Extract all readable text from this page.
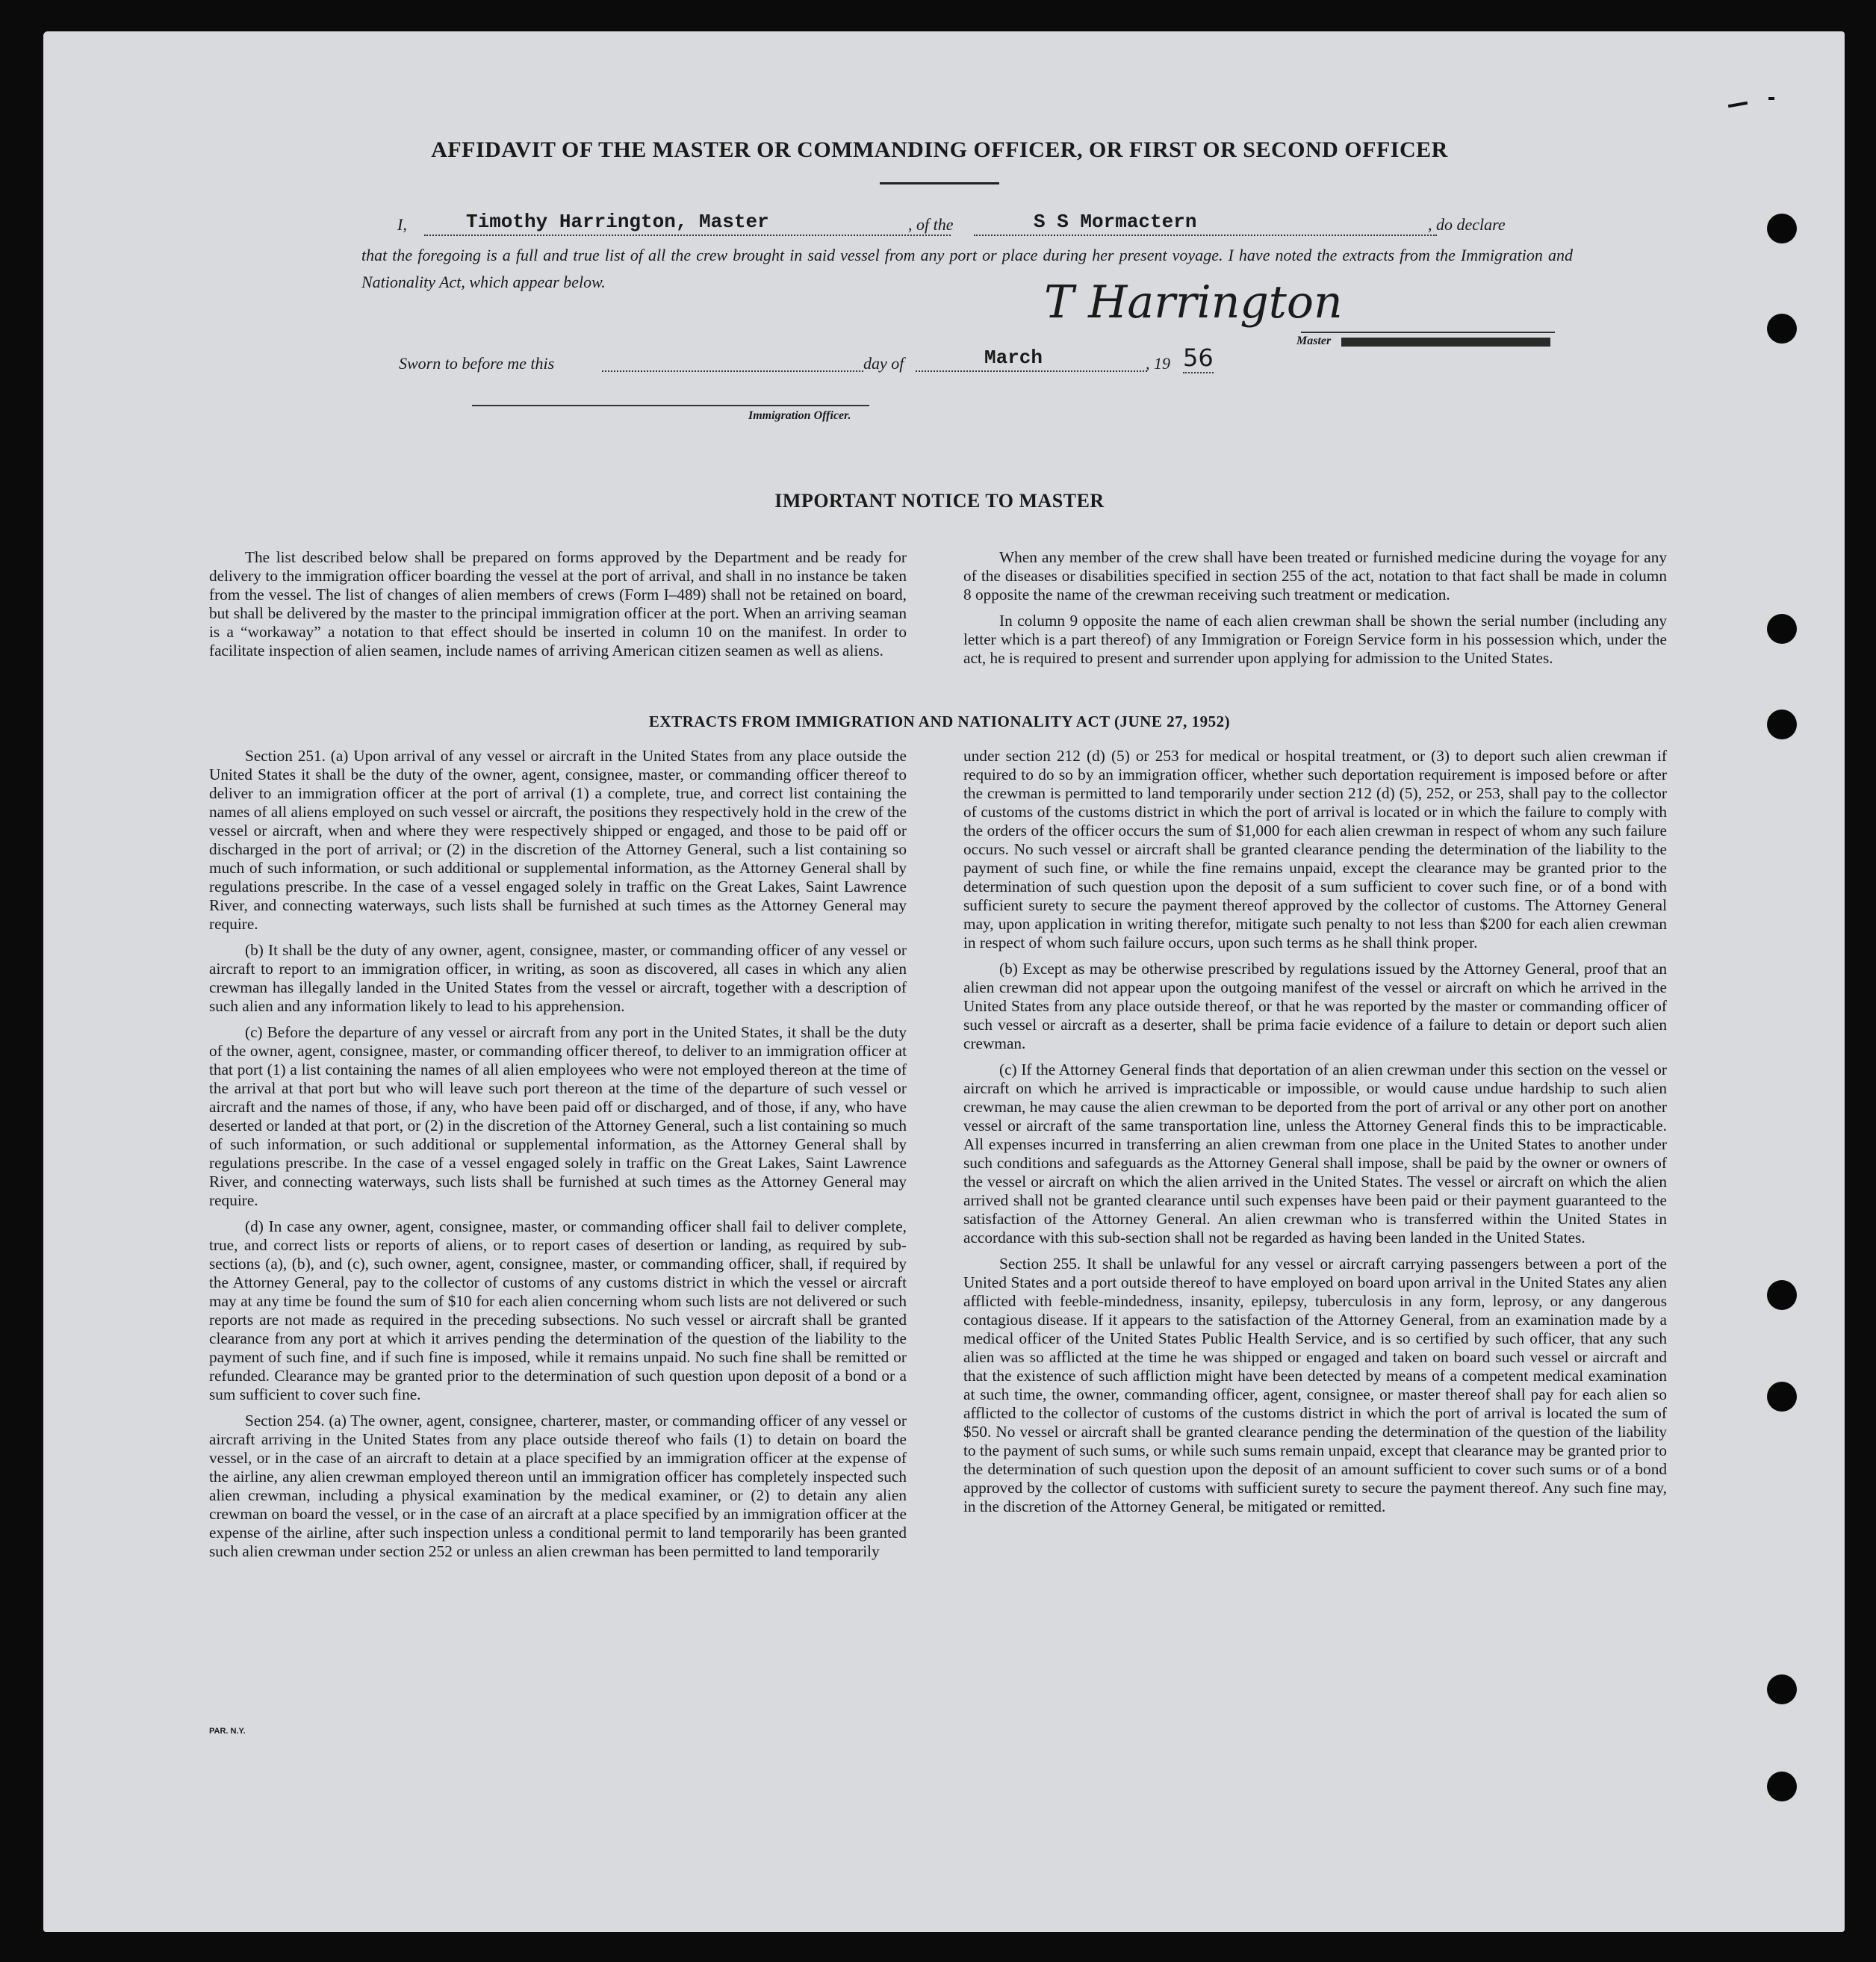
AFFIDAVIT OF THE MASTER OR COMMANDING OFFICER, OR FIRST OR SECOND OFFICER
I,	Timothy Harrington, Master	, of the	S S Mormactern	, do declare
that the foregoing is a full and true list of all the crew brought in said vessel from any port or place during her present voyage. I have noted the extracts from the Immigration and Nationality Act, which appear below.	T Harrington
Master
Sworn to before me this	day of	March	, 19 56
Immigration Officer.
IMPORTANT NOTICE TO MASTER

The list described below shall be prepared on forms approved by the Department and be ready for delivery to the immigration officer boarding the vessel at the port of arrival, and shall in no instance be taken from the vessel. The list of changes of alien members of crews (Form I–489) shall not be retained on board, but shall be delivered by the master to the principal immigration officer at the port. When an arriving seaman is a “workaway” a notation to that effect should be inserted in column 10 on the manifest. In order to facilitate inspection of alien seamen, include names of arriving American citizen seamen as well as aliens.

When any member of the crew shall have been treated or furnished medicine during the voyage for any of the diseases or disabilities specified in section 255 of the act, notation to that fact shall be made in column 8 opposite the name of the crewman receiving such treatment or medication.

In column 9 opposite the name of each alien crewman shall be shown the serial number (including any letter which is a part thereof) of any Immigration or Foreign Service form in his possession which, under the act, he is required to present and surrender upon applying for admission to the United States.

EXTRACTS FROM IMMIGRATION AND NATIONALITY ACT (JUNE 27, 1952)

Section 251. (a) Upon arrival of any vessel or aircraft in the United States from any place outside the United States it shall be the duty of the owner, agent, consignee, master, or commanding officer thereof to deliver to an immigration officer at the port of arrival (1) a complete, true, and correct list containing the names of all aliens employed on such vessel or aircraft, the positions they respectively hold in the crew of the vessel or aircraft, when and where they were respectively shipped or engaged, and those to be paid off or discharged in the port of arrival; or (2) in the discretion of the Attorney General, such a list containing so much of such information, or such additional or supplemental information, as the Attorney General shall by regulations prescribe. In the case of a vessel engaged solely in traffic on the Great Lakes, Saint Lawrence River, and connecting waterways, such lists shall be furnished at such times as the Attorney General may require.

(b) It shall be the duty of any owner, agent, consignee, master, or commanding officer of any vessel or aircraft to report to an immigration officer, in writing, as soon as discovered, all cases in which any alien crewman has illegally landed in the United States from the vessel or aircraft, together with a description of such alien and any information likely to lead to his apprehension.

(c) Before the departure of any vessel or aircraft from any port in the United States, it shall be the duty of the owner, agent, consignee, master, or commanding officer thereof, to deliver to an immigration officer at that port (1) a list containing the names of all alien employees who were not employed thereon at the time of the arrival at that port but who will leave such port thereon at the time of the departure of such vessel or aircraft and the names of those, if any, who have been paid off or discharged, and of those, if any, who have deserted or landed at that port, or (2) in the discretion of the Attorney General, such a list containing so much of such information, or such additional or supplemental information, as the Attorney General shall by regulations prescribe. In the case of a vessel engaged solely in traffic on the Great Lakes, Saint Lawrence River, and connecting waterways, such lists shall be furnished at such times as the Attorney General may require.

(d) In case any owner, agent, consignee, master, or commanding officer shall fail to deliver complete, true, and correct lists or reports of aliens, or to report cases of desertion or landing, as required by sub-sections (a), (b), and (c), such owner, agent, consignee, master, or commanding officer, shall, if required by the Attorney General, pay to the collector of customs of any customs district in which the vessel or aircraft may at any time be found the sum of $10 for each alien concerning whom such lists are not delivered or such reports are not made as required in the preceding subsections. No such vessel or aircraft shall be granted clearance from any port at which it arrives pending the determination of the question of the liability to the payment of such fine, and if such fine is imposed, while it remains unpaid. No such fine shall be remitted or refunded. Clearance may be granted prior to the determination of such question upon deposit of a bond or a sum sufficient to cover such fine.

Section 254. (a) The owner, agent, consignee, charterer, master, or commanding officer of any vessel or aircraft arriving in the United States from any place outside thereof who fails (1) to detain on board the vessel, or in the case of an aircraft to detain at a place specified by an immigration officer at the expense of the airline, any alien crewman employed thereon until an immigration officer has completely inspected such alien crewman, including a physical examination by the medical examiner, or (2) to detain any alien crewman on board the vessel, or in the case of an aircraft at a place specified by an immigration officer at the expense of the airline, after such inspection unless a conditional permit to land temporarily has been granted such alien crewman under section 252 or unless an alien crewman has been permitted to land temporarily

under section 212 (d) (5) or 253 for medical or hospital treatment, or (3) to deport such alien crewman if required to do so by an immigration officer, whether such deportation requirement is imposed before or after the crewman is permitted to land temporarily under section 212 (d) (5), 252, or 253, shall pay to the collector of customs of the customs district in which the port of arrival is located or in which the failure to comply with the orders of the officer occurs the sum of $1,000 for each alien crewman in respect of whom any such failure occurs. No such vessel or aircraft shall be granted clearance pending the determination of the liability to the payment of such fine, or while the fine remains unpaid, except the clearance may be granted prior to the determination of such question upon the deposit of a sum sufficient to cover such fine, or of a bond with sufficient surety to secure the payment thereof approved by the collector of customs. The Attorney General may, upon application in writing therefor, mitigate such penalty to not less than $200 for each alien crewman in respect of whom such failure occurs, upon such terms as he shall think proper.

(b) Except as may be otherwise prescribed by regulations issued by the Attorney General, proof that an alien crewman did not appear upon the outgoing manifest of the vessel or aircraft on which he arrived in the United States from any place outside thereof, or that he was reported by the master or commanding officer of such vessel or aircraft as a deserter, shall be prima facie evidence of a failure to detain or deport such alien crewman.

(c) If the Attorney General finds that deportation of an alien crewman under this section on the vessel or aircraft on which he arrived is impracticable or impossible, or would cause undue hardship to such alien crewman, he may cause the alien crewman to be deported from the port of arrival or any other port on another vessel or aircraft of the same transportation line, unless the Attorney General finds this to be impracticable. All expenses incurred in transferring an alien crewman from one place in the United States to another under such conditions and safeguards as the Attorney General shall impose, shall be paid by the owner or owners of the vessel or aircraft on which the alien arrived in the United States. The vessel or aircraft on which the alien arrived shall not be granted clearance until such expenses have been paid or their payment guaranteed to the satisfaction of the Attorney General. An alien crewman who is transferred within the United States in accordance with this sub-section shall not be regarded as having been landed in the United States.

Section 255. It shall be unlawful for any vessel or aircraft carrying passengers between a port of the United States and a port outside thereof to have employed on board upon arrival in the United States any alien afflicted with feeble-mindedness, insanity, epilepsy, tuberculosis in any form, leprosy, or any dangerous contagious disease. If it appears to the satisfaction of the Attorney General, from an examination made by a medical officer of the United States Public Health Service, and is so certified by such officer, that any such alien was so afflicted at the time he was shipped or engaged and taken on board such vessel or aircraft and that the existence of such affliction might have been detected by means of a competent medical examination at such time, the owner, commanding officer, agent, consignee, or master thereof shall pay for each alien so afflicted to the collector of customs of the customs district in which the port of arrival is located the sum of $50. No vessel or aircraft shall be granted clearance pending the determination of the question of the liability to the payment of such sums, or while such sums remain unpaid, except that clearance may be granted prior to the determination of such question upon the deposit of an amount sufficient to cover such sums or of a bond approved by the collector of customs with sufficient surety to secure the payment thereof. Any such fine may, in the discretion of the Attorney General, be mitigated or remitted.

PAR. N.Y.
